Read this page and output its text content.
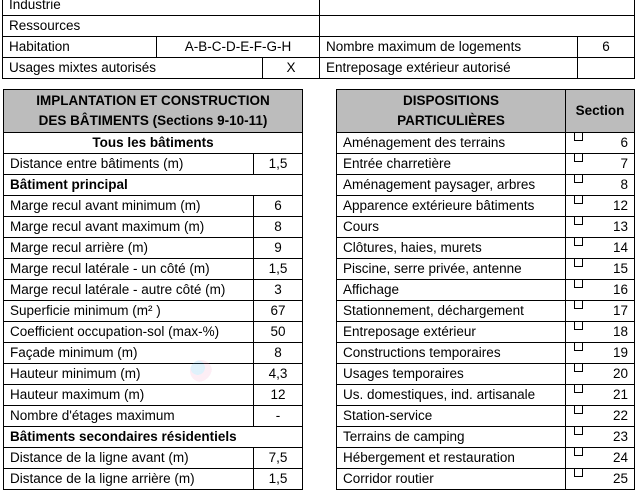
Industrie				
Ressources				
Habitation	A-B-C-D-E-F-G-H		Nombre maximum de logements	6
Usages mixtes autorisés		X	Entreposage extérieur autorisé	
IMPLANTATION ET CONSTRUCTION
DES BÂTIMENTS (Sections 9-10-11)	

Tous les bâtiments	
Distance entre bâtiments (m)	1,5
Bâtiment principal	
Marge recul avant minimum (m)	6
Marge recul avant maximum (m)	8
Marge recul arrière (m)	9
Marge recul latérale - un côté (m)	1,5
Marge recul latérale - autre côté (m)	3
Superficie minimum (m² )	67
Coefficient occupation-sol (max-%)	50
Façade minimum (m)	8
Hauteur minimum (m)	4,3
Hauteur maximum (m)	12
Nombre d'étages maximum	-
Bâtiments secondaires résidentiels	
Distance de la ligne avant (m)	7,5
Distance de la ligne arrière (m)	1,5
DISPOSITIONS
PARTICULIÈRES	Section
Aménagement des terrains	6

Entrée charretière	7

Aménagement paysager, arbres	8

Apparence extérieure bâtiments	12

Cours	13

Clôtures, haies, murets	14

Piscine, serre privée, antenne	15

Affichage	16

Stationnement, déchargement	17

Entreposage extérieur	18

Constructions temporaires	19

Usages temporaires	20

Us. domestiques, ind. artisanale	21

Station-service	22

Terrains de camping	23

Hébergement et restauration	24

Corridor routier	25
